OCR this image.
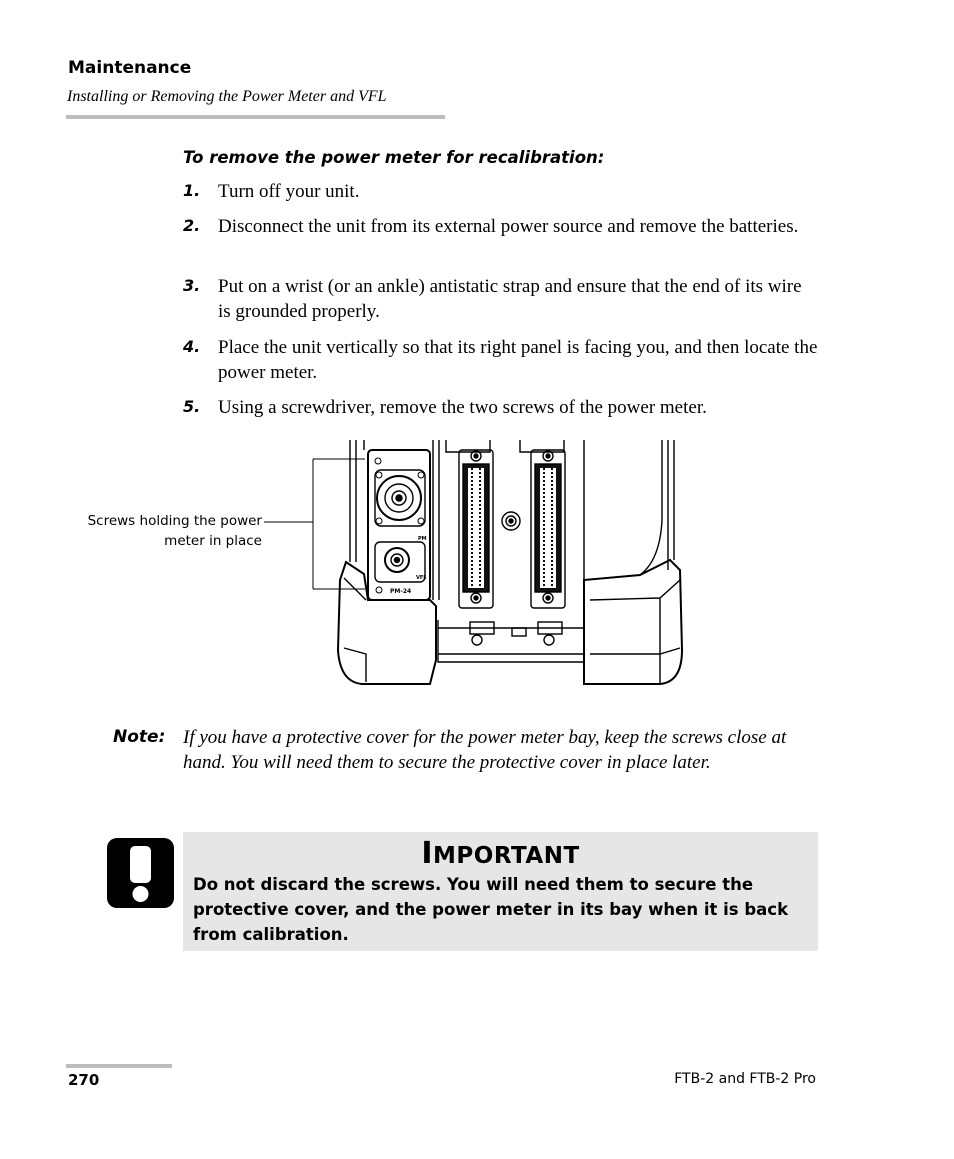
Maintenance
Installing or Removing the Power Meter and VFL
To remove the power meter for recalibration:
1. Turn off your unit.
2. Disconnect the unit from its external power source and remove the batteries.
3. Put on a wrist (or an ankle) antistatic strap and ensure that the end of its wire is grounded properly.
4. Place the unit vertically so that its right panel is facing you, and then locate the power meter.
5. Using a screwdriver, remove the two screws of the power meter.
Screws holding the power
meter in place	PM
VFL
PM-24
Note: If you have a protective cover for the power meter bay, keep the screws close at hand. You will need them to secure the protective cover in place later.
IMPORTANT
Do not discard the screws. You will need them to secure the protective cover, and the power meter in its bay when it is back from calibration.
270	FTB-2 and FTB-2 Pro
